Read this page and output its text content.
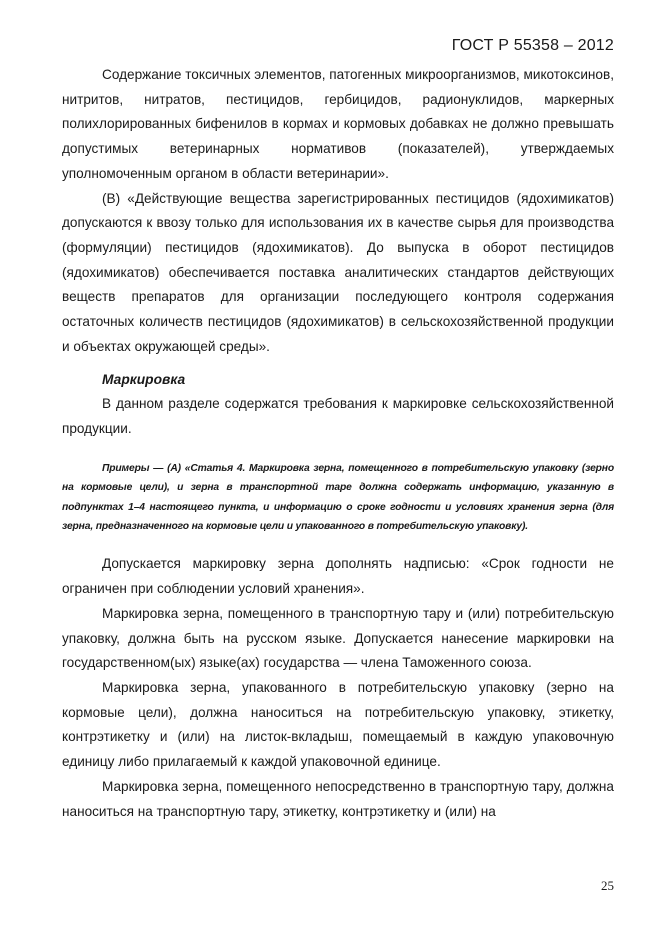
ГОСТ Р 55358 – 2012

Содержание токсичных элементов, патогенных микроорганизмов, микотоксинов, нитритов, нитратов, пестицидов, гербицидов, радионуклидов, маркерных полихлорированных бифенилов в кормах и кормовых добавках не должно превышать допустимых ветеринарных нормативов (показателей), утверждаемых уполномоченным органом в области ветеринарии».

(В) «Действующие вещества зарегистрированных пестицидов (ядохимикатов) допускаются к ввозу только для использования их в качестве сырья для производства (формуляции) пестицидов (ядохимикатов). До выпуска в оборот пестицидов (ядохимикатов) обеспечивается поставка аналитических стандартов действующих веществ препаратов для организации последующего контроля содержания остаточных количеств пестицидов (ядохимикатов) в сельскохозяйственной продукции и объектах окружающей среды».

Маркировка

В данном разделе содержатся требования к маркировке сельскохозяйственной продукции.

Примеры — (А) «Статья 4. Маркировка зерна, помещенного в потребительскую упаковку (зерно на кормовые цели), и зерна в транспортной таре должна содержать информацию, указанную в подпунктах 1–4 настоящего пункта, и информацию о сроке годности и условиях хранения зерна (для зерна, предназначенного на кормовые цели и упакованного в потребительскую упаковку).

Допускается маркировку зерна дополнять надписью: «Срок годности не ограничен при соблюдении условий хранения».

Маркировка зерна, помещенного в транспортную тару и (или) потребительскую упаковку, должна быть на русском языке. Допускается нанесение маркировки на государственном(ых) языке(ах) государства — члена Таможенного союза.

Маркировка зерна, упакованного в потребительскую упаковку (зерно на кормовые цели), должна наноситься на потребительскую упаковку, этикетку, контрэтикетку и (или) на листок-вкладыш, помещаемый в каждую упаковочную единицу либо прилагаемый к каждой упаковочной единице.

Маркировка зерна, помещенного непосредственно в транспортную тару, должна наноситься на транспортную тару, этикетку, контрэтикетку и (или) на

25
